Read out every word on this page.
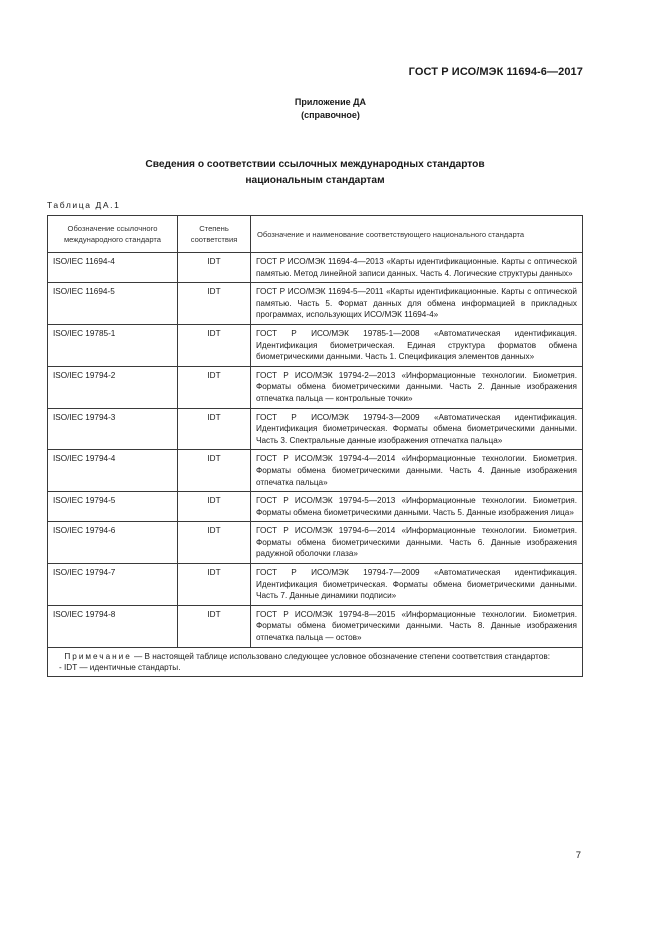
ГОСТ Р ИСО/МЭК 11694-6—2017
Приложение ДА
(справочное)
Сведения о соответствии ссылочных международных стандартов
национальным стандартам
Таблица ДА.1
Обозначение ссылочного международного стандарта	Степень соответствия	Обозначение и наименование соответствующего национального стандарта
ISO/IEC 11694-4	IDT	ГОСТ Р ИСО/МЭК 11694-4—2013 «Карты идентификационные. Карты с оптической памятью. Метод линейной записи данных. Часть 4. Логические структуры данных»
ISO/IEC 11694-5	IDT	ГОСТ Р ИСО/МЭК 11694-5—2011 «Карты идентификационные. Карты с оптической памятью. Часть 5. Формат данных для обмена информацией в прикладных программах, использующих ИСО/МЭК 11694-4»
ISO/IEC 19785-1	IDT	ГОСТ Р ИСО/МЭК 19785-1—2008 «Автоматическая идентификация. Идентификация биометрическая. Единая структура форматов обмена биометрическими данными. Часть 1. Спецификация элементов данных»
ISO/IEC 19794-2	IDT	ГОСТ Р ИСО/МЭК 19794-2—2013 «Информационные технологии. Биометрия. Форматы обмена биометрическими данными. Часть 2. Данные изображения отпечатка пальца — контрольные точки»
ISO/IEC 19794-3	IDT	ГОСТ Р ИСО/МЭК 19794-3—2009 «Автоматическая идентификация. Идентификация биометрическая. Форматы обмена биометрическими данными. Часть 3. Спектральные данные изображения отпечатка пальца»
ISO/IEC 19794-4	IDT	ГОСТ Р ИСО/МЭК 19794-4—2014 «Информационные технологии. Биометрия. Форматы обмена биометрическими данными. Часть 4. Данные изображения отпечатка пальца»
ISO/IEC 19794-5	IDT	ГОСТ Р ИСО/МЭК 19794-5—2013 «Информационные технологии. Биометрия. Форматы обмена биометрическими данными. Часть 5. Данные изображения лица»
ISO/IEC 19794-6	IDT	ГОСТ Р ИСО/МЭК 19794-6—2014 «Информационные технологии. Биометрия. Форматы обмена биометрическими данными. Часть 6. Данные изображения радужной оболочки глаза»
ISO/IEC 19794-7	IDT	ГОСТ Р ИСО/МЭК 19794-7—2009 «Автоматическая идентификация. Идентификация биометрическая. Форматы обмена биометрическими данными. Часть 7. Данные динамики подписи»
ISO/IEC 19794-8	IDT	ГОСТ Р ИСО/МЭК 19794-8—2015 «Информационные технологии. Биометрия. Форматы обмена биометрическими данными. Часть 8. Данные изображения отпечатка пальца — остов»

Примечание — В настоящей таблице использовано следующее условное обозначение степени соответствия стандартов:
- IDT — идентичные стандарты.		
7
